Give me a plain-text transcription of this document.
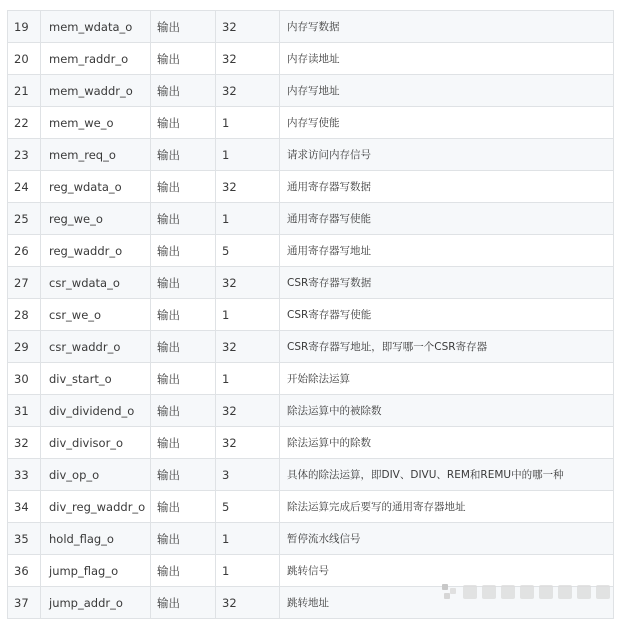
19	mem_wdata_o	输出	32	内存写数据
20	mem_raddr_o	输出	32	内存读地址
21	mem_waddr_o	输出	32	内存写地址
22	mem_we_o	输出	1	内存写使能
23	mem_req_o	输出	1	请求访问内存信号
24	reg_wdata_o	输出	32	通用寄存器写数据
25	reg_we_o	输出	1	通用寄存器写使能
26	reg_waddr_o	输出	5	通用寄存器写地址
27	csr_wdata_o	输出	32	CSR寄存器写数据
28	csr_we_o	输出	1	CSR寄存器写使能
29	csr_waddr_o	输出	32	CSR寄存器写地址，即写哪一个CSR寄存器
30	div_start_o	输出	1	开始除法运算
31	div_dividend_o	输出	32	除法运算中的被除数
32	div_divisor_o	输出	32	除法运算中的除数
33	div_op_o	输出	3	具体的除法运算，即DIV、DIVU、REM和REMU中的哪一种
34	div_reg_waddr_o	输出	5	除法运算完成后要写的通用寄存器地址
35	hold_flag_o	输出	1	暂停流水线信号
36	jump_flag_o	输出	1	跳转信号
37	jump_addr_o	输出	32	跳转地址
